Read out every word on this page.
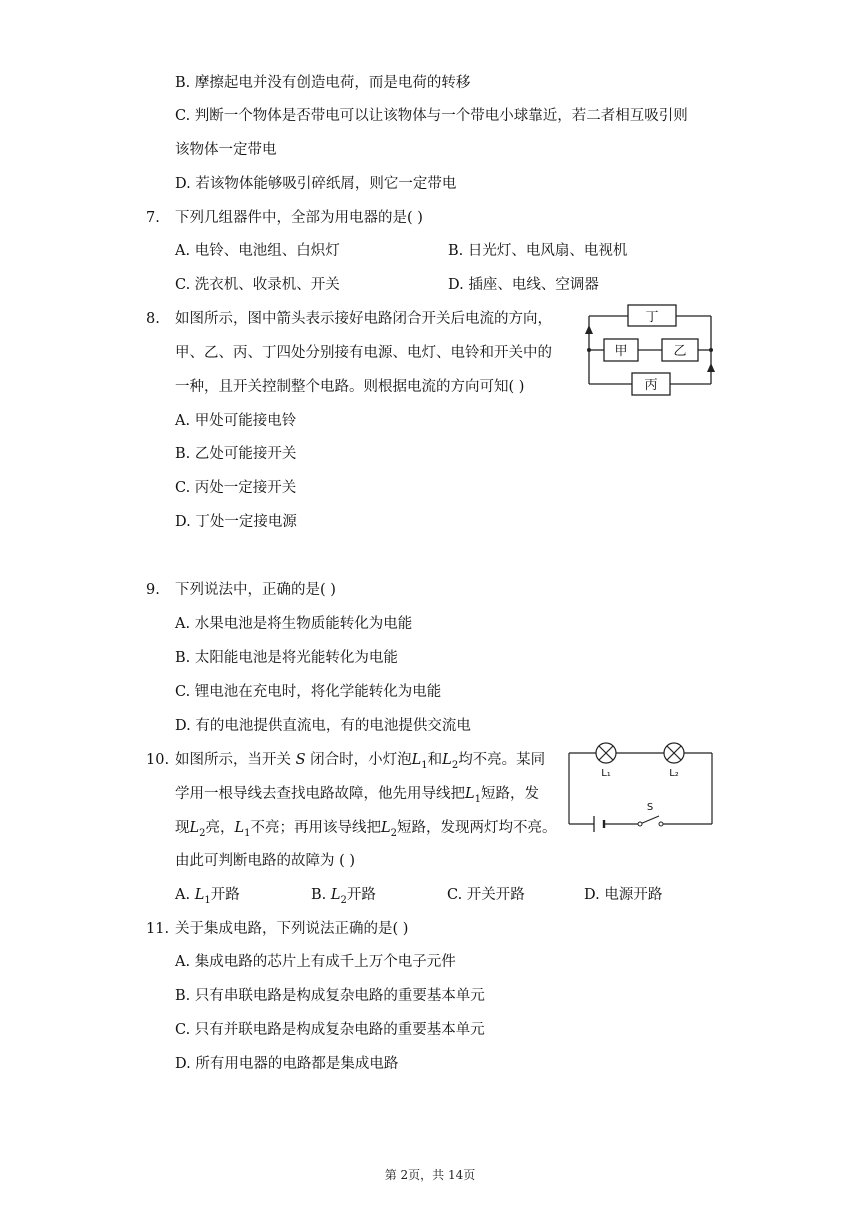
B. 摩擦起电并没有创造电荷，而是电荷的转移
C. 判断一个物体是否带电可以让该物体与一个带电小球靠近，若二者相互吸引则
该物体一定带电
D. 若该物体能够吸引碎纸屑，则它一定带电
7. 下列几组器件中，全部为用电器的是( )
A. 电铃、电池组、白炽灯	B. 日光灯、电风扇、电视机
C. 洗衣机、收录机、开关	D. 插座、电线、空调器
8. 如图所示，图中箭头表示接好电路闭合开关后电流的方向，
甲、乙、丙、丁四处分别接有电源、电灯、电铃和开关中的
一种，且开关控制整个电路。则根据电流的方向可知( )
A. 甲处可能接电铃
B. 乙处可能接开关
C. 丙处一定接开关
D. 丁处一定接电源
丁
甲	乙
丙
9. 下列说法中，正确的是( )
A. 水果电池是将生物质能转化为电能
B. 太阳能电池是将光能转化为电能
C. 锂电池在充电时，将化学能转化为电能
D. 有的电池提供直流电，有的电池提供交流电
10. 如图所示，当开关 S 闭合时，小灯泡$L_1$和$L_2$均不亮。某同
学用一根导线去查找电路故障，他先用导线把$L_1$短路，发
现$L_2$亮，$L_1$不亮；再用该导线把$L_2$短路，发现两灯均不亮。
由此可判断电路的故障为 ( )
A. $L_1$开路	B. $L_2$开路	C. 开关开路	D. 电源开路
L₁	L₂
S
11. 关于集成电路，下列说法正确的是( )
A. 集成电路的芯片上有成千上万个电子元件
B. 只有串联电路是构成复杂电路的重要基本单元
C. 只有并联电路是构成复杂电路的重要基本单元
D. 所有用电器的电路都是集成电路
第 2页，共 14页
